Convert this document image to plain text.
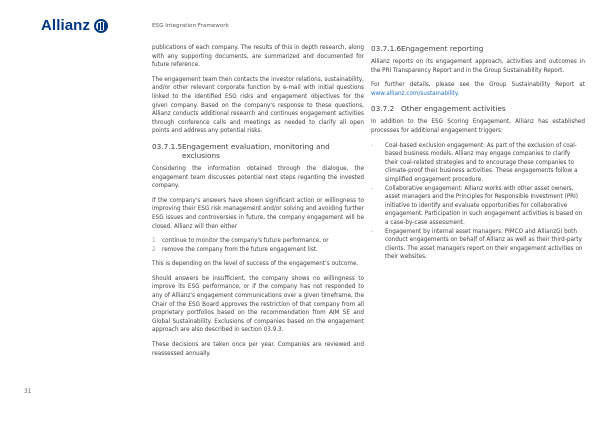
Allianz	ESG Integration Framework

publications of each company. The results of this in depth research, along with any supporting documents, are summarized and documented for future reference.

The engagement team then contacts the investor relations, sustainability, and/or other relevant corporate function by e-mail with initial questions linked to the identified ESG risks and engagement objectives for the given company. Based on the company's response to these questions, Allianz conducts additional research and continues engagement activities through conference calls and meetings as needed to clarify all open points and address any potential risks.

03.7.1.5 Engagement evaluation, monitoring and exclusions

Considering the information obtained through the dialogue, the engagement team discusses potential next steps regarding the invested company.

If the company's answers have shown significant action or willingness to improving their ESG risk management and/or solving and avoiding further ESG issues and controversies in future, the company engagement will be closed. Allianz will then either

1	continue to monitor the company's future performance, or
2	remove the company from the future engagement list.

This is depending on the level of success of the engagement's outcome.

Should answers be insufficient, the company shows no willingness to improve its ESG performance, or if the company has not responded to any of Allianz's engagement communications over a given timeframe, the Chair of the ESG Board approves the restriction of that company from all proprietary portfolios based on the recommendation from AIM SE and Global Sustainability. Exclusions of companies based on the engagement approach are also described in section 03.9.3.

These decisions are taken once per year. Companies are reviewed and reassessed annually.

03.7.1.6 Engagement reporting

Allianz reports on its engagement approach, activities and outcomes in the PRI Transparency Report and in the Group Sustainability Report.

For further details, please see the Group Sustainability Report at www.allianz.com/sustainability.

03.7.2 Other engagement activities

In addition to the ESG Scoring Engagement, Allianz has established processes for additional engagement triggers:

-	Coal-based exclusion engagement: As part of the exclusion of coal-based business models, Allianz may engage companies to clarify their coal-related strategies and to encourage these companies to climate-proof their business activities. These engagements follow a simplified engagement procedure.
-	Collaborative engagement: Allianz works with other asset owners, asset managers and the Principles for Responsible Investment (PRI) initiative to identify and evaluate opportunities for collaborative engagement. Participation in such engagement activities is based on a case-by-case assessment.
-	Engagement by internal asset managers: PIMCO and AllianzGI both conduct engagements on behalf of Allianz as well as their third-party clients. The asset managers report on their engagement activities on their websites.
31
